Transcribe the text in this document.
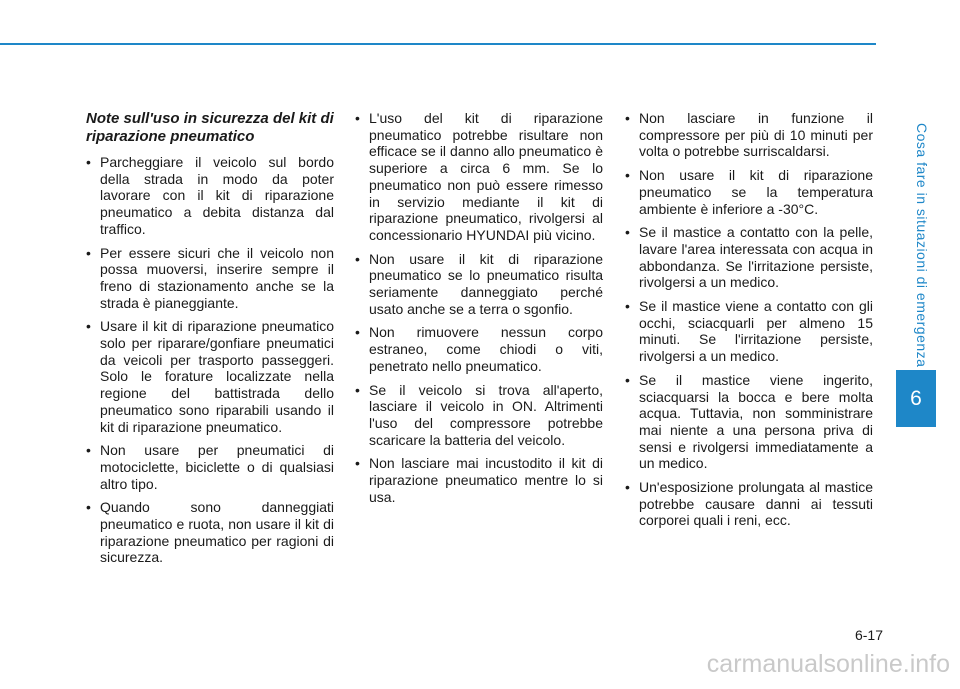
Cosa fare in situazioni di emergenza
6
Note sull'uso in sicurezza del kit di riparazione pneumatico
• Parcheggiare il veicolo sul bordo della strada in modo da poter lavorare con il kit di riparazione pneumatico a debita distanza dal traffico.
• Per essere sicuri che il veicolo non possa muoversi, inserire sempre il freno di stazionamento anche se la strada è pianeggiante.
• Usare il kit di riparazione pneumatico solo per riparare/gonfiare pneumatici da veicoli per trasporto passeggeri. Solo le forature localizzate nella regione del battistrada dello pneumatico sono riparabili usando il kit di riparazione pneumatico.
• Non usare per pneumatici di motociclette, biciclette o di qualsiasi altro tipo.
• Quando sono danneggiati pneumatico e ruota, non usare il kit di riparazione pneumatico per ragioni di sicurezza.
• L'uso del kit di riparazione pneumatico potrebbe risultare non efficace se il danno allo pneumatico è superiore a circa 6 mm. Se lo pneumatico non può essere rimesso in servizio mediante il kit di riparazione pneumatico, rivolgersi al concessionario HYUNDAI più vicino.
• Non usare il kit di riparazione pneumatico se lo pneumatico risulta seriamente danneggiato perché usato anche se a terra o sgonfio.
• Non rimuovere nessun corpo estraneo, come chiodi o viti, penetrato nello pneumatico.
• Se il veicolo si trova all'aperto, lasciare il veicolo in ON. Altrimenti l'uso del compressore potrebbe scaricare la batteria del veicolo.
• Non lasciare mai incustodito il kit di riparazione pneumatico mentre lo si usa.
• Non lasciare in funzione il compressore per più di 10 minuti per volta o potrebbe surriscaldarsi.
• Non usare il kit di riparazione pneumatico se la temperatura ambiente è inferiore a -30°C.
• Se il mastice a contatto con la pelle, lavare l'area interessata con acqua in abbondanza. Se l'irritazione persiste, rivolgersi a un medico.
• Se il mastice viene a contatto con gli occhi, sciacquarli per almeno 15 minuti. Se l'irritazione persiste, rivolgersi a un medico.
• Se il mastice viene ingerito, sciacquarsi la bocca e bere molta acqua. Tuttavia, non somministrare mai niente a una persona priva di sensi e rivolgersi immediatamente a un medico.
• Un'esposizione prolungata al mastice potrebbe causare danni ai tessuti corporei quali i reni, ecc.
6-17
carmanualsonline.info
